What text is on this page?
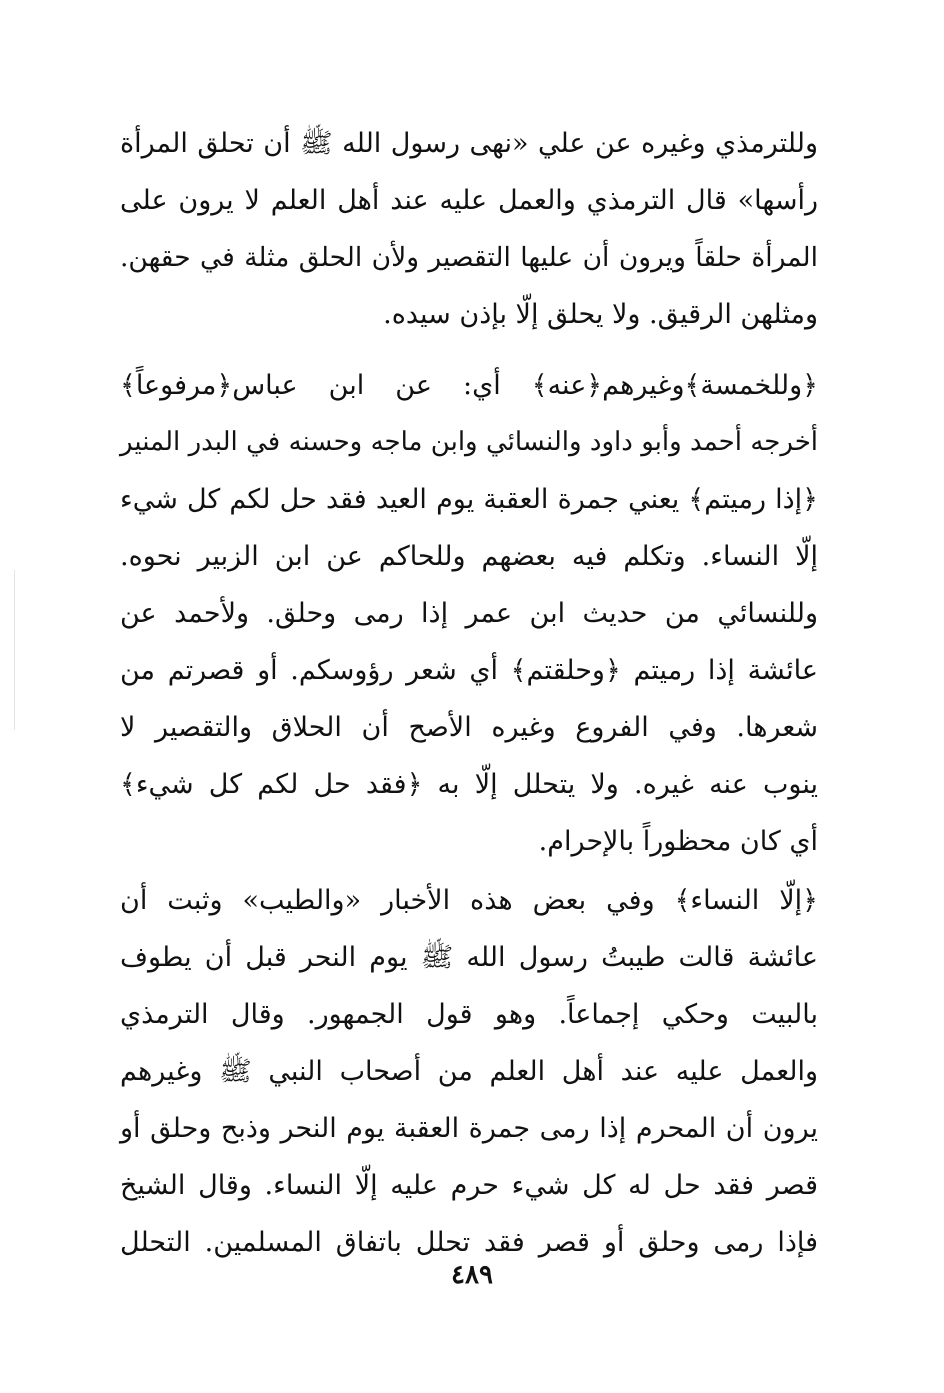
وللترمذي وغيره عن علي «نهى رسول الله ﷺ أن تحلق المرأة
رأسها» قال الترمذي والعمل عليه عند أهل العلم لا يرون على
المرأة حلقاً ويرون أن عليها التقصير ولأن الحلق مثلة في حقهن.
ومثلهن الرقيق. ولا يحلق إلّا بإذن سيده.
﴿وللخمسة﴾وغيرهم﴿عنه﴾ أي: عن ابن عباس﴿مرفوعاً﴾
أخرجه أحمد وأبو داود والنسائي وابن ماجه وحسنه في البدر المنير
﴿إذا رميتم﴾ يعني جمرة العقبة يوم العيد فقد حل لكم كل شيء
إلّا النساء. وتكلم فيه بعضهم وللحاكم عن ابن الزبير نحوه.
وللنسائي من حديث ابن عمر إذا رمى وحلق. ولأحمد عن
عائشة إذا رميتم ﴿وحلقتم﴾ أي شعر رؤوسكم. أو قصرتم من
شعرها. وفي الفروع وغيره الأصح أن الحلاق والتقصير لا
ينوب عنه غيره. ولا يتحلل إلّا به ﴿فقد حل لكم كل شيء﴾
أي كان محظوراً بالإحرام.
﴿إلّا النساء﴾ وفي بعض هذه الأخبار «والطيب» وثبت أن
عائشة قالت طيبتُ رسول الله ﷺ يوم النحر قبل أن يطوف
بالبيت وحكي إجماعاً. وهو قول الجمهور. وقال الترمذي
والعمل عليه عند أهل العلم من أصحاب النبي ﷺ وغيرهم
يرون أن المحرم إذا رمى جمرة العقبة يوم النحر وذبح وحلق أو
قصر فقد حل له كل شيء حرم عليه إلّا النساء. وقال الشيخ
فإذا رمى وحلق أو قصر فقد تحلل باتفاق المسلمين. التحلل
٤٨٩
